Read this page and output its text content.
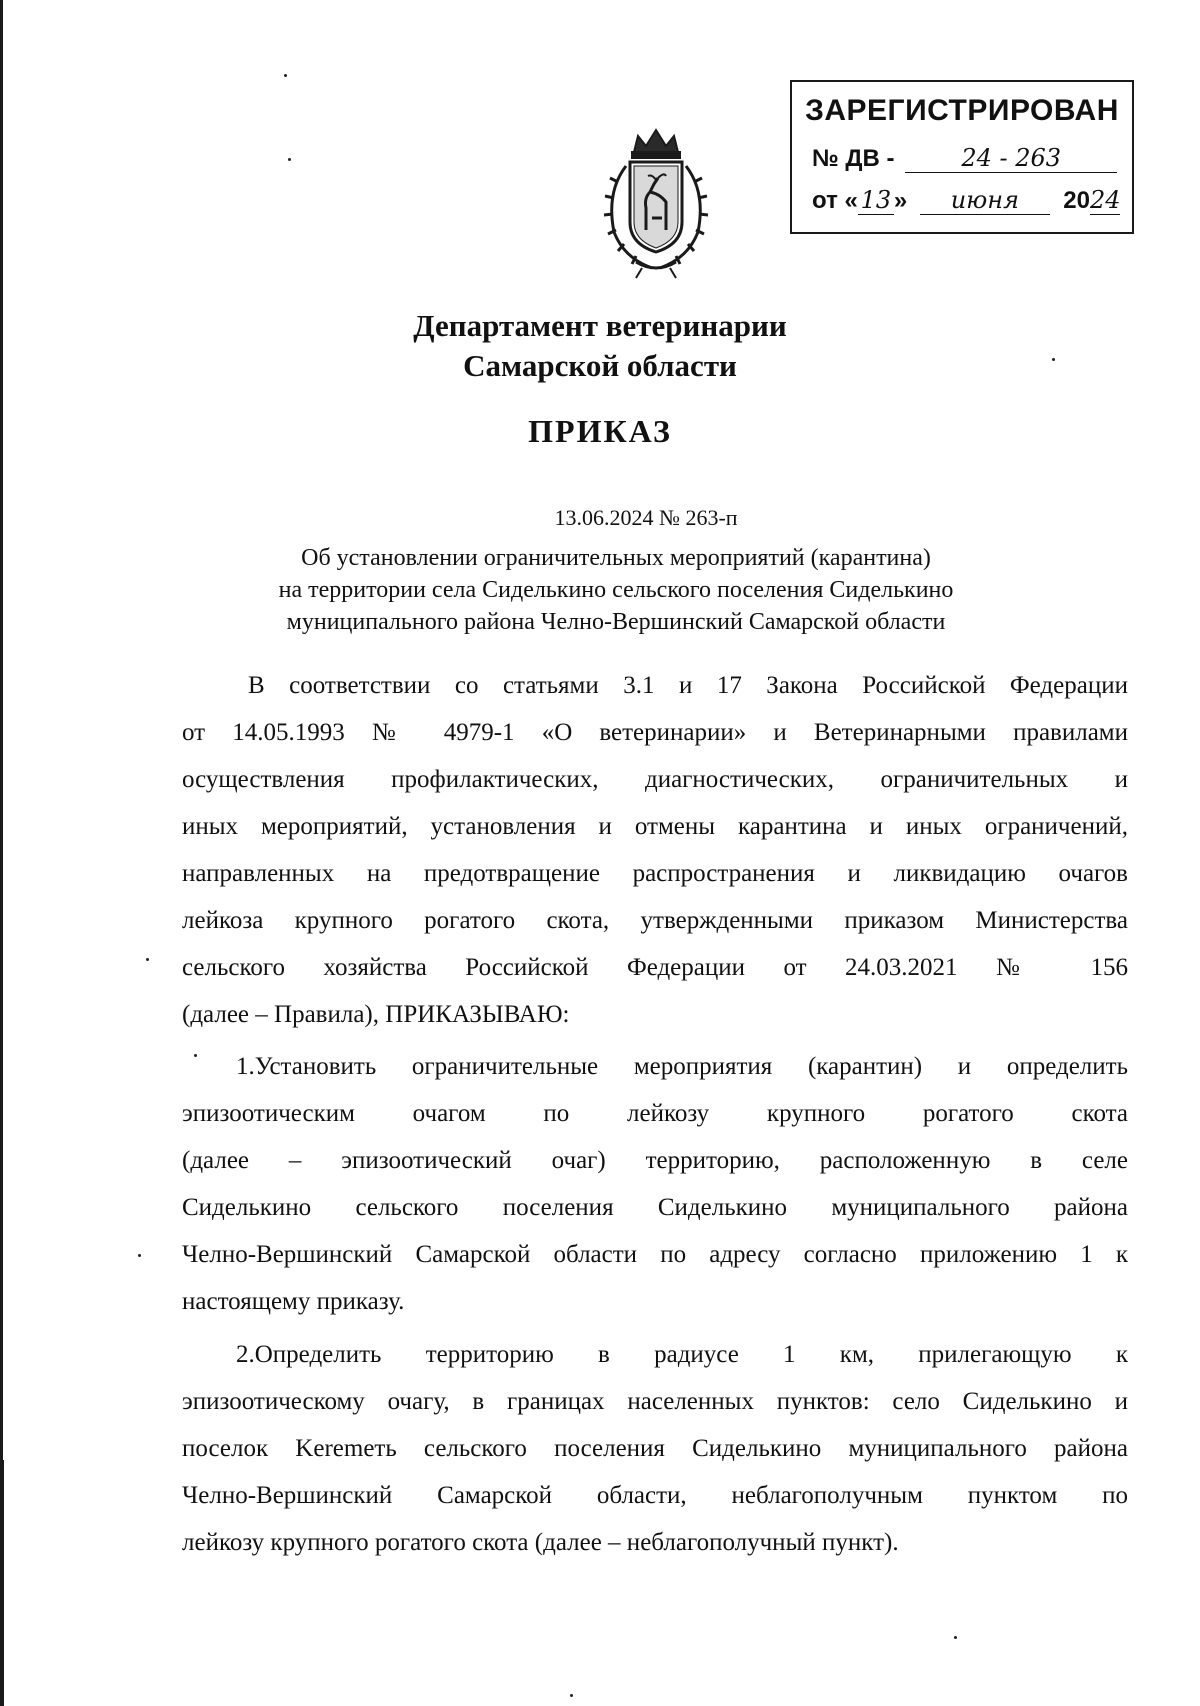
ЗАРЕГИСТРИРОВАН
№ ДВ -	24 - 263
от « 13 » июня 2024
Департамент ветеринарии
Самарской области
ПРИКАЗ
13.06.2024 № 263-п
Об установлении ограничительных мероприятий (карантина)
на территории села Сиделькино сельского поселения Сиделькино
муниципального района Челно-Вершинский Самарской области
В соответствии со статьями 3.1 и 17 Закона Российской Федерации
от 14.05.1993 № 4979-1 «О ветеринарии» и Ветеринарными правилами
осуществления профилактических, диагностических, ограничительных и
иных мероприятий, установления и отмены карантина и иных ограничений,
направленных на предотвращение распространения и ликвидацию очагов
лейкоза крупного рогатого скота, утвержденными приказом Министерства
сельского хозяйства Российской Федерации от 24.03.2021 № 156
(далее – Правила), ПРИКАЗЫВАЮ:
1.Установить ограничительные мероприятия (карантин) и определить
эпизоотическим очагом по лейкозу крупного рогатого скота
(далее – эпизоотический очаг) территорию, расположенную в селе
Сиделькино сельского поселения Сиделькино муниципального района
Челно-Вершинский Самарской области по адресу согласно приложению 1 к
настоящему приказу.
2.Определить территорию в радиусе 1 км, прилегающую к
эпизоотическому очагу, в границах населенных пунктов: село Сиделькино и
поселок Keremеть сельского поселения Сиделькино муниципального района
Челно-Вершинский Самарской области, неблагополучным пунктом по
лейкозу крупного рогатого скота (далее – неблагополучный пункт).
